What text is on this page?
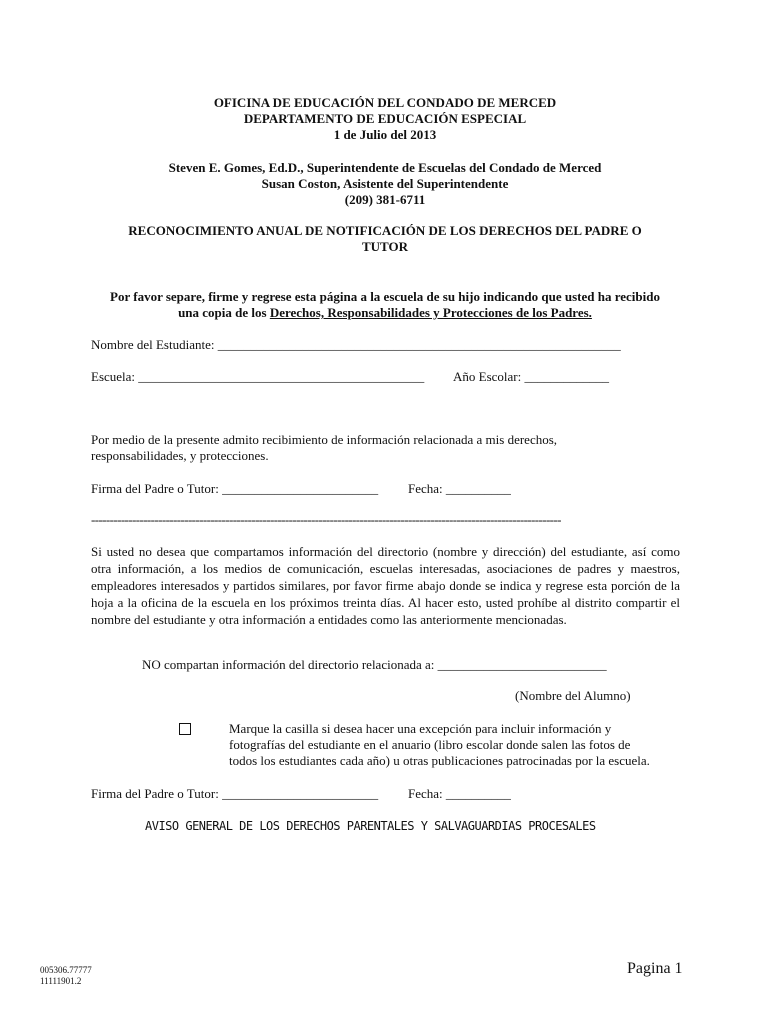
OFICINA DE EDUCACIÓN DEL CONDADO DE MERCED
DEPARTAMENTO DE EDUCACIÓN ESPECIAL
1 de Julio del 2013
Steven E. Gomes, Ed.D., Superintendente de Escuelas del Condado de Merced
Susan Coston, Asistente del Superintendente
(209) 381-6711
RECONOCIMIENTO ANUAL DE NOTIFICACIÓN DE LOS DERECHOS DEL PADRE O
TUTOR
Por favor separe, firme y regrese esta página a la escuela de su hijo indicando que usted ha recibido
una copia de los Derechos, Responsabilidades y Protecciones de los Padres.
Nombre del Estudiante: ______________________________________________________________
Escuela: ____________________________________________ Año Escolar: _____________
Por medio de la presente admito recibimiento de información relacionada a mis derechos,
responsabilidades, y protecciones.
Firma del Padre o Tutor: ________________________ Fecha: __________
------------------------------------------------------------------------------------------------------------------------------
Si usted no desea que compartamos información del directorio (nombre y dirección) del estudiante, así como otra información, a los medios de comunicación, escuelas interesadas, asociaciones de padres y maestros, empleadores interesados y partidos similares, por favor firme abajo donde se indica y regrese esta porción de la hoja a la oficina de la escuela en los próximos treinta días. Al hacer esto, usted prohíbe al distrito compartir el nombre del estudiante y otra información a entidades como las anteriormente mencionadas.
NO compartan información del directorio relacionada a: __________________________
(Nombre del Alumno)
Marque la casilla si desea hacer una excepción para incluir información y
fotografías del estudiante en el anuario (libro escolar donde salen las fotos de
todos los estudiantes cada año) u otras publicaciones patrocinadas por la escuela.
Firma del Padre o Tutor: ________________________ Fecha: __________
AVISO GENERAL DE LOS DERECHOS PARENTALES Y SALVAGUARDIAS PROCESALES
005306.77777
11111901.2
Pagina 1
